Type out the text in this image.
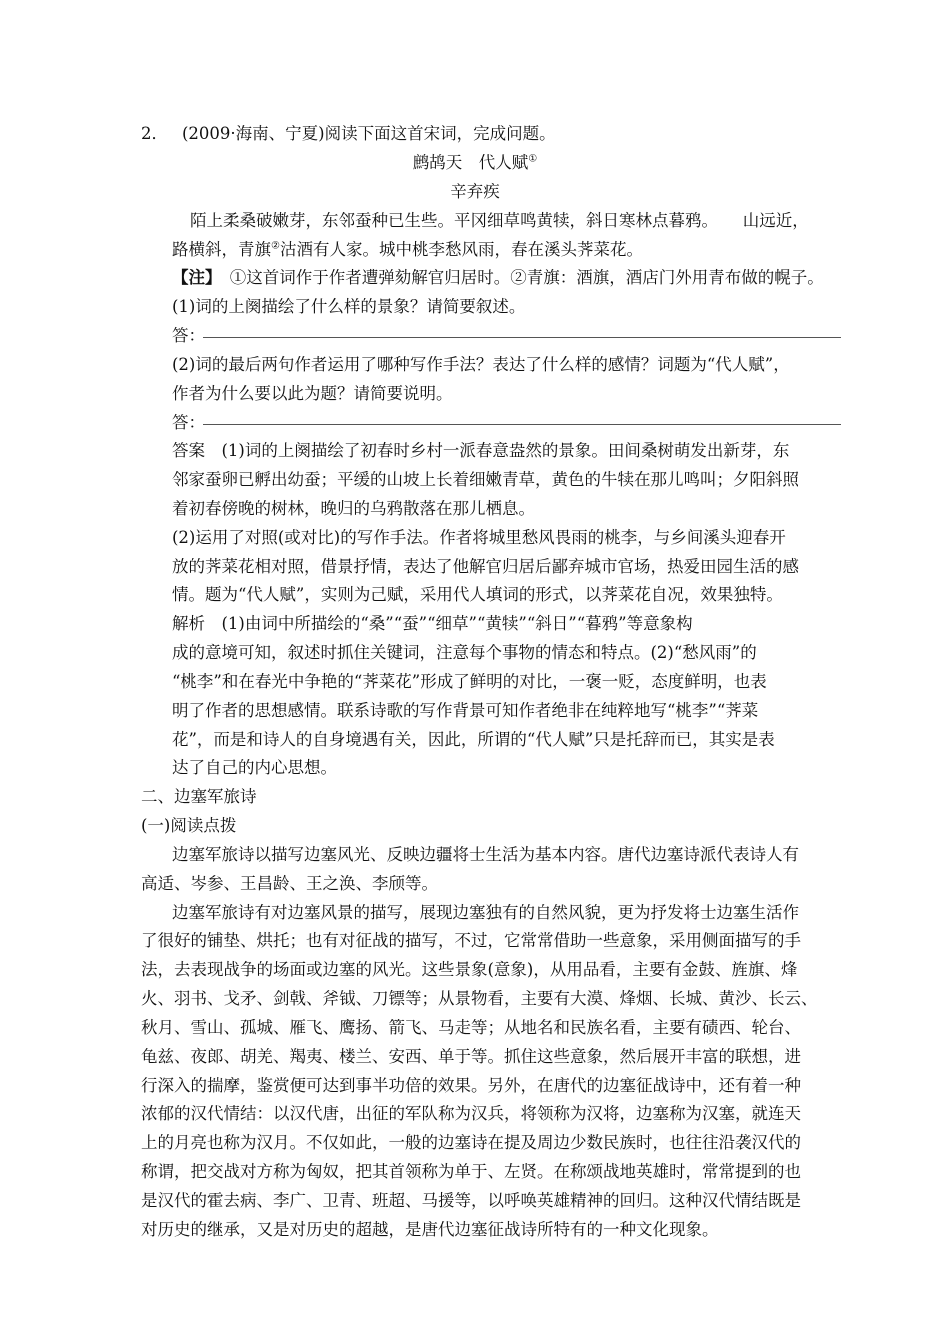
2． (2009·海南、宁夏)阅读下面这首宋词，完成问题。
鹧鸪天　代人赋①
辛弃疾
陌上柔桑破嫩芽，东邻蚕种已生些。平冈细草鸣黄犊，斜日寒林点暮鸦。　　山远近，
路横斜，青旗②沽酒有人家。城中桃李愁风雨，春在溪头荠菜花。
【注】　①这首词作于作者遭弹劾解官归居时。②青旗：酒旗，酒店门外用青布做的幌子。
(1)词的上阕描绘了什么样的景象？请简要叙述。
答：
(2)词的最后两句作者运用了哪种写作手法？表达了什么样的感情？词题为“代人赋”，
作者为什么要以此为题？请简要说明。
答：
答案　(1)词的上阕描绘了初春时乡村一派春意盎然的景象。田间桑树萌发出新芽，东
邻家蚕卵已孵出幼蚕；平缓的山坡上长着细嫩青草，黄色的牛犊在那儿鸣叫；夕阳斜照
着初春傍晚的树林，晚归的乌鸦散落在那儿栖息。
(2)运用了对照(或对比)的写作手法。作者将城里愁风畏雨的桃李，与乡间溪头迎春开
放的荠菜花相对照，借景抒情，表达了他解官归居后鄙弃城市官场，热爱田园生活的感
情。题为“代人赋”，实则为己赋，采用代人填词的形式，以荠菜花自况，效果独特。
解析　(1)由词中所描绘的“桑”“蚕”“细草”“黄犊”“斜日”“暮鸦”等意象构
成的意境可知，叙述时抓住关键词，注意每个事物的情态和特点。(2)“愁风雨”的
“桃李”和在春光中争艳的“荠菜花”形成了鲜明的对比，一褒一贬，态度鲜明，也表
明了作者的思想感情。联系诗歌的写作背景可知作者绝非在纯粹地写“桃李”“荠菜
花”，而是和诗人的自身境遇有关，因此，所谓的“代人赋”只是托辞而已，其实是表
达了自己的内心思想。
二、边塞军旅诗
(一)阅读点拨
边塞军旅诗以描写边塞风光、反映边疆将士生活为基本内容。唐代边塞诗派代表诗人有
高适、岑参、王昌龄、王之涣、李颀等。
边塞军旅诗有对边塞风景的描写，展现边塞独有的自然风貌，更为抒发将士边塞生活作
了很好的铺垫、烘托；也有对征战的描写，不过，它常常借助一些意象，采用侧面描写的手
法，去表现战争的场面或边塞的风光。这些景象(意象)，从用品看，主要有金鼓、旌旗、烽
火、羽书、戈矛、剑戟、斧钺、刀镖等；从景物看，主要有大漠、烽烟、长城、黄沙、长云、
秋月、雪山、孤城、雁飞、鹰扬、箭飞、马走等；从地名和民族名看，主要有碛西、轮台、
龟兹、夜郎、胡羌、羯夷、楼兰、安西、单于等。抓住这些意象，然后展开丰富的联想，进
行深入的揣摩，鉴赏便可达到事半功倍的效果。另外，在唐代的边塞征战诗中，还有着一种
浓郁的汉代情结：以汉代唐，出征的军队称为汉兵，将领称为汉将，边塞称为汉塞，就连天
上的月亮也称为汉月。不仅如此，一般的边塞诗在提及周边少数民族时，也往往沿袭汉代的
称谓，把交战对方称为匈奴，把其首领称为单于、左贤。在称颂战地英雄时，常常提到的也
是汉代的霍去病、李广、卫青、班超、马援等，以呼唤英雄精神的回归。这种汉代情结既是
对历史的继承，又是对历史的超越，是唐代边塞征战诗所特有的一种文化现象。
